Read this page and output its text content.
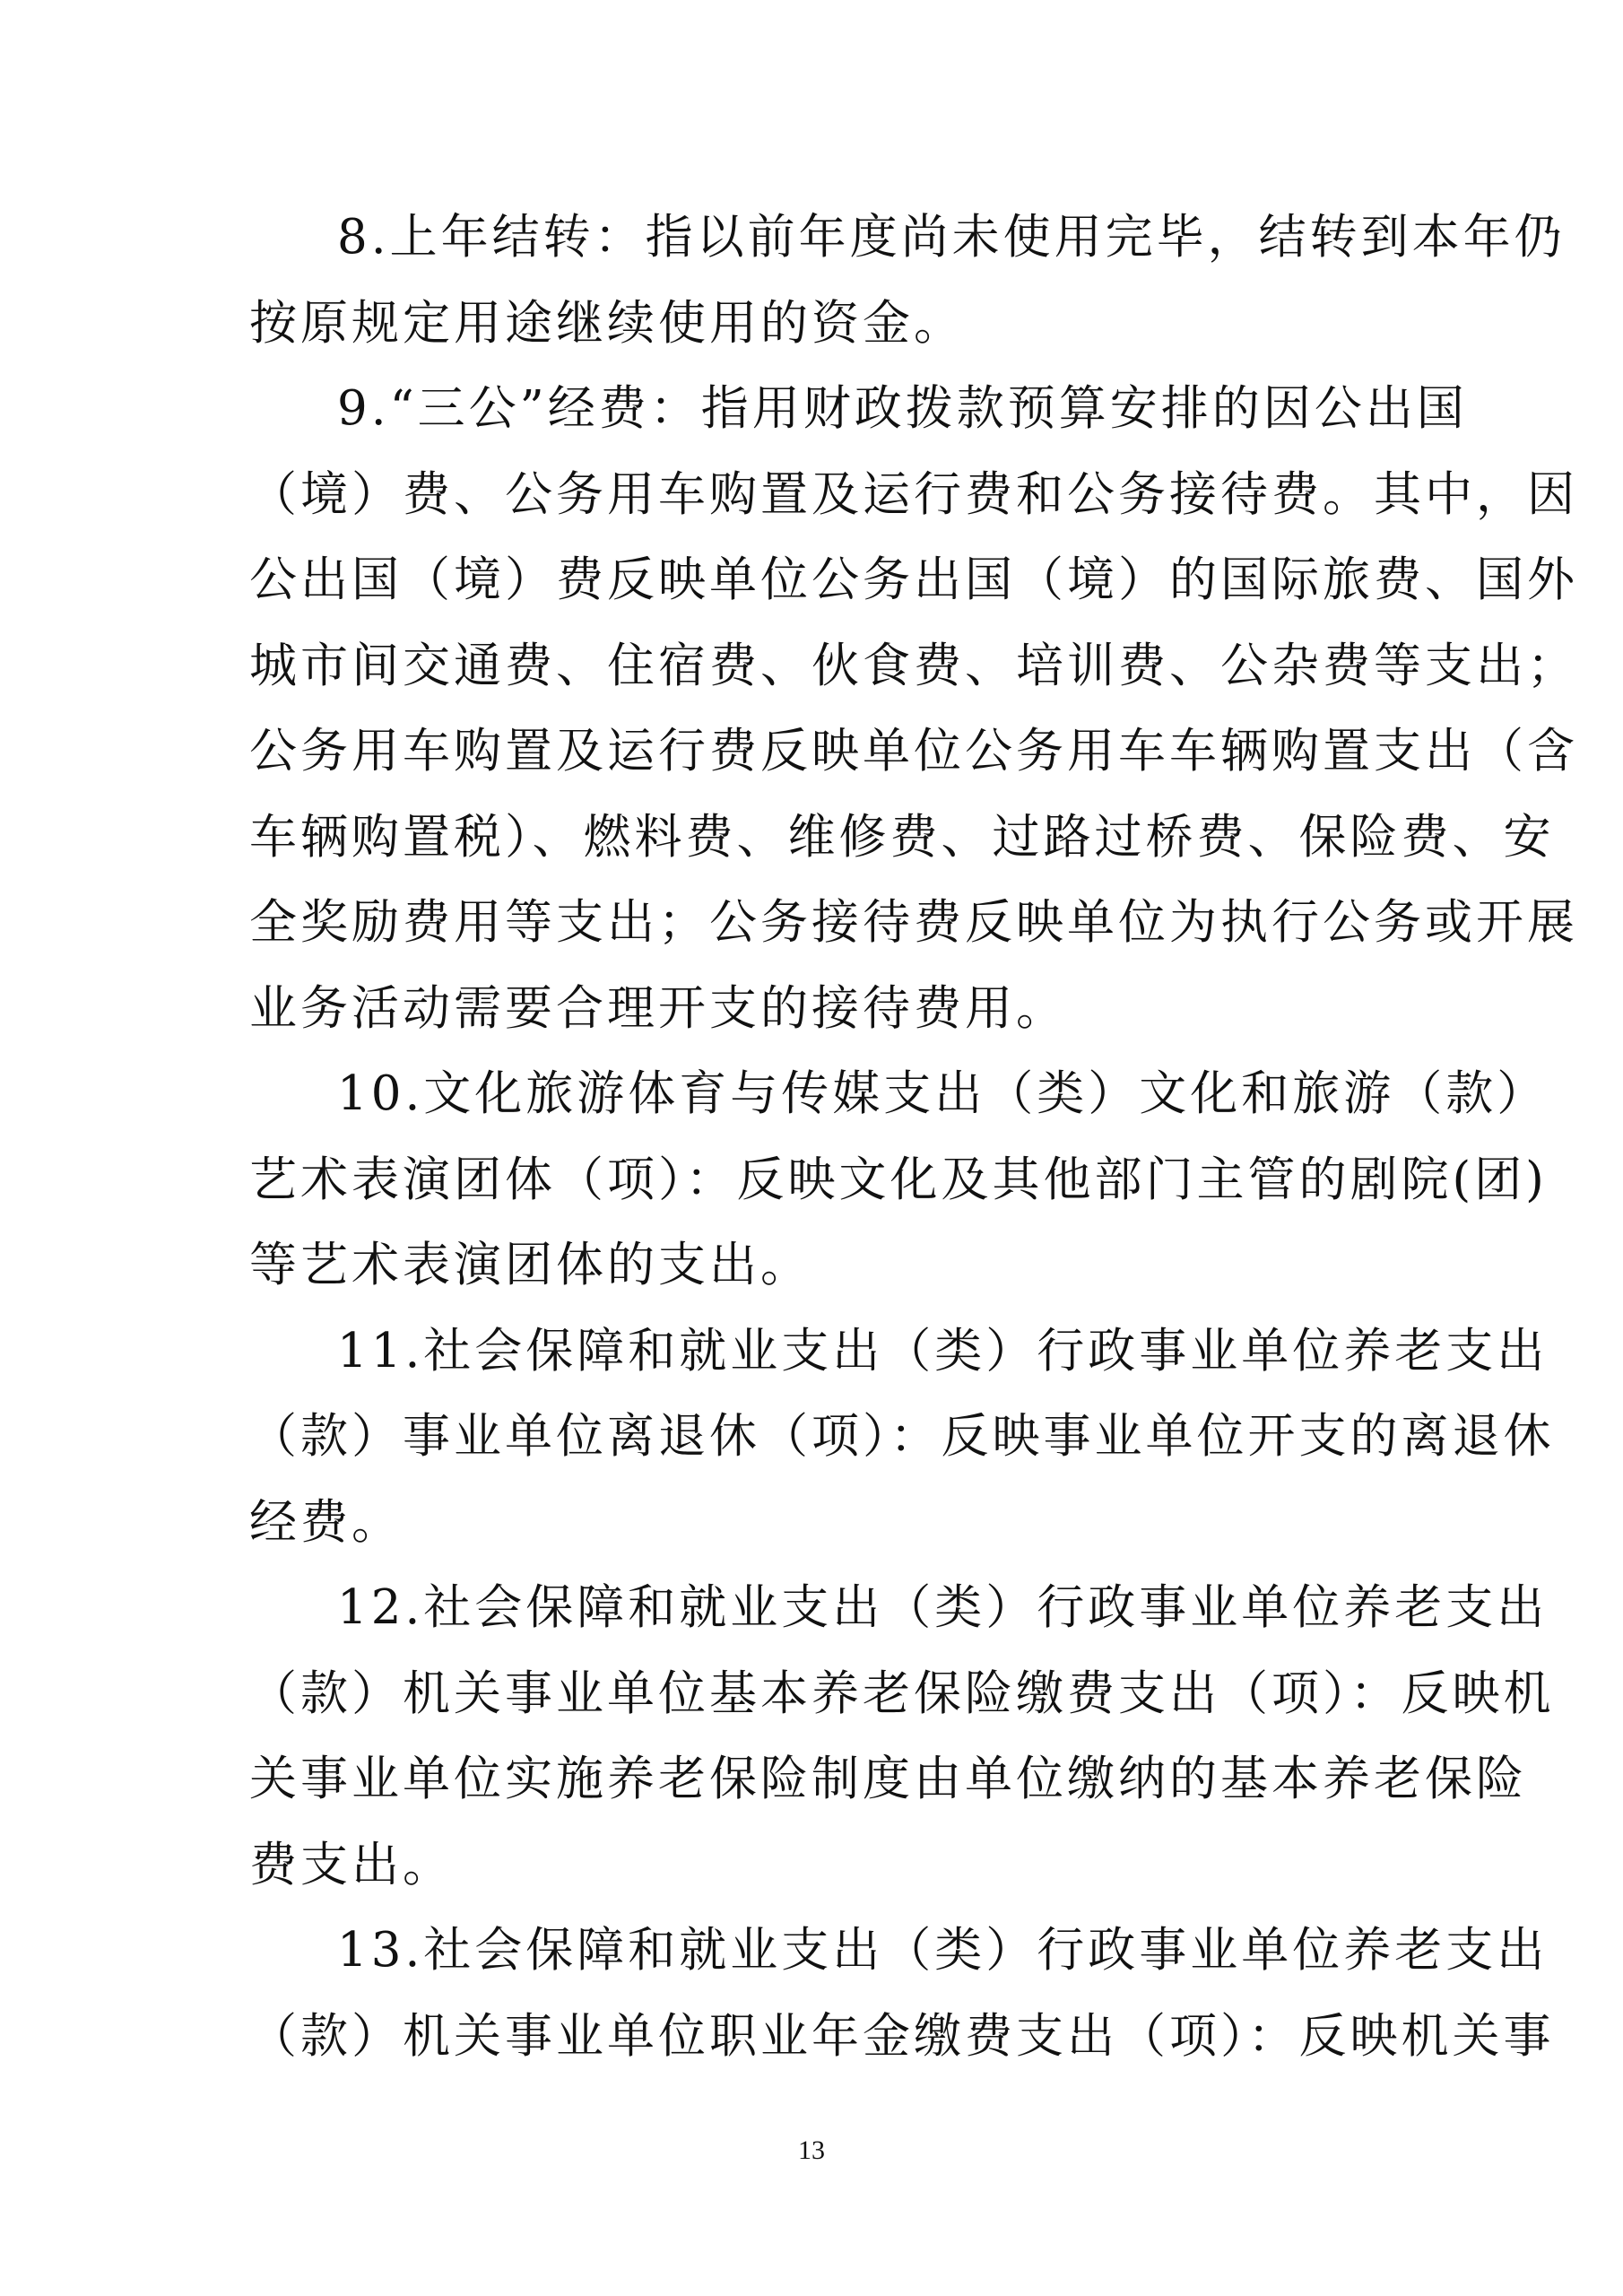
8.上年结转：指以前年度尚未使用完毕，结转到本年仍
按原规定用途继续使用的资金。
9.“三公”经费：指用财政拨款预算安排的因公出国
（境）费、公务用车购置及运行费和公务接待费。其中，因
公出国（境）费反映单位公务出国（境）的国际旅费、国外
城市间交通费、住宿费、伙食费、培训费、公杂费等支出；
公务用车购置及运行费反映单位公务用车车辆购置支出（含
车辆购置税）、燃料费、维修费、过路过桥费、保险费、安
全奖励费用等支出；公务接待费反映单位为执行公务或开展
业务活动需要合理开支的接待费用。
10.文化旅游体育与传媒支出（类）文化和旅游（款）
艺术表演团体（项）：反映文化及其他部门主管的剧院(团)
等艺术表演团体的支出。
11.社会保障和就业支出（类）行政事业单位养老支出
（款）事业单位离退休（项）：反映事业单位开支的离退休
经费。
12.社会保障和就业支出（类）行政事业单位养老支出
（款）机关事业单位基本养老保险缴费支出（项）：反映机
关事业单位实施养老保险制度由单位缴纳的基本养老保险
费支出。
13.社会保障和就业支出（类）行政事业单位养老支出
（款）机关事业单位职业年金缴费支出（项）：反映机关事
13
